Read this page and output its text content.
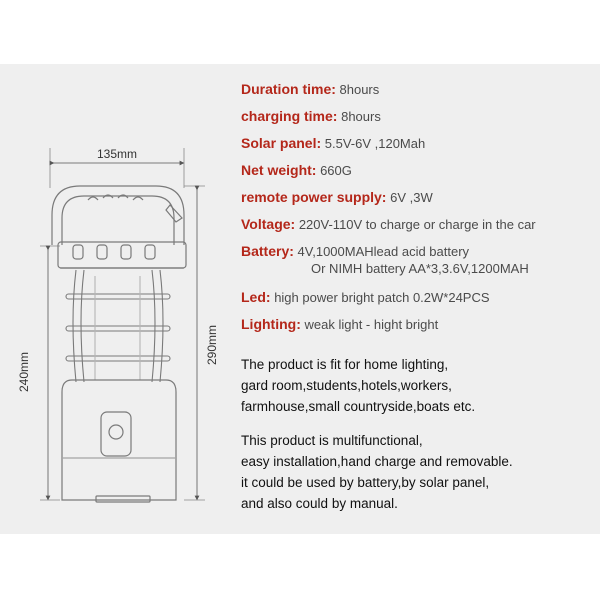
135mm
240mm
290mm
Duration time: 8hours
charging time: 8hours
Solar panel: 5.5V-6V ,120Mah
Net weight: 660G
remote power supply: 6V ,3W
Voltage: 220V-110V to charge or charge in the car
Battery: 4V,1000MAHlead acid battery
Or NIMH battery AA*3,3.6V,1200MAH
Led: high power bright patch 0.2W*24PCS
Lighting: weak light - hight bright
The product is fit for home lighting,
gard room,students,hotels,workers,
farmhouse,small countryside,boats etc.
This product is multifunctional,
easy installation,hand charge and removable.
it could be used by battery,by solar panel,
and also could by manual.
